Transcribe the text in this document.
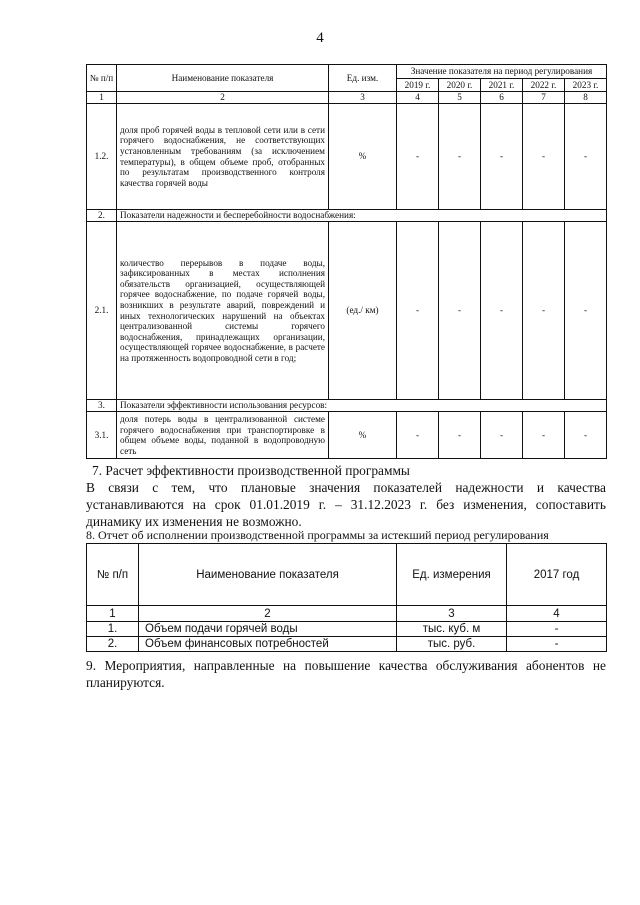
4
№ п/п	Наименование показателя	Ед. изм.	Значение показателя на период регулирования				
			2019 г.	2020 г.	2021 г.	2022 г.	2023 г.
1	2	3	4	5	6	7	8
1.2.	доля проб горячей воды в тепловой сети или в сети горячего водоснабжения, не соответствующих установленным требованиям (за исключением температуры), в общем объеме проб, отобранных по результатам производственного контроля качества горячей воды	%	-	-	-	-	-
2.	Показатели надежности и бесперебойности водоснабжения:						
2.1.	количество перерывов в подаче воды, зафиксированных в местах исполнения обязательств организацией, осуществляющей горячее водоснабжение, по подаче горячей воды, возникших в результате аварий, повреждений и иных технологических нарушений на объектах централизованной системы горячего водоснабжения, принадлежащих организации, осуществляющей горячее водоснабжение, в расчете на протяженность водопроводной сети в год;	(ед./ км)	-	-	-	-	-
3.	Показатели эффективности использования ресурсов:						
3.1.	доля потерь воды в централизованной системе горячего водоснабжения при транспортировке в общем объеме воды, поданной в водопроводную сеть	%	-	-	-	-	-
7. Расчет эффективности производственной программы
В связи с тем, что плановые значения показателей надежности и качества устанавливаются на срок 01.01.2019 г. – 31.12.2023 г. без изменения, сопоставить динамику их изменения не возможно.
8. Отчет об исполнении производственной программы за истекший период регулирования
№ п/п	Наименование показателя	Ед. измерения	2017 год
1	2	3	4
1.	Объем подачи горячей воды	тыс. куб. м	-
2.	Объем финансовых потребностей	тыс. руб.	-
9. Мероприятия, направленные на повышение качества обслуживания абонентов не планируются.
